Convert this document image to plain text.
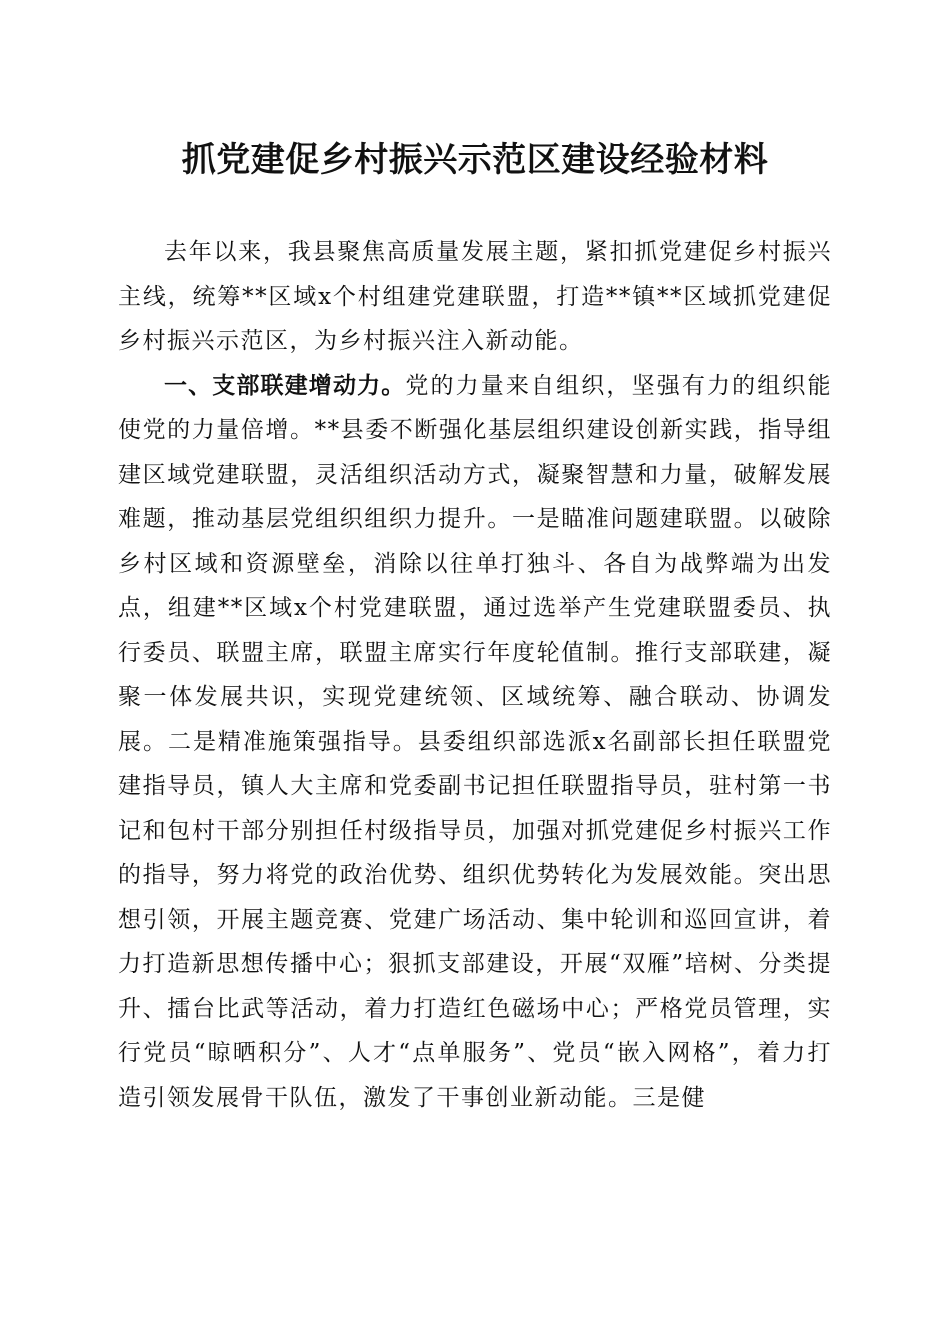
抓党建促乡村振兴示范区建设经验材料

去年以来，我县聚焦高质量发展主题，紧扣抓党建促乡村振兴主线，统筹**区域x个村组建党建联盟，打造**镇**区域抓党建促乡村振兴示范区，为乡村振兴注入新动能。

一、支部联建增动力。党的力量来自组织，坚强有力的组织能使党的力量倍增。**县委不断强化基层组织建设创新实践，指导组建区域党建联盟，灵活组织活动方式，凝聚智慧和力量，破解发展难题，推动基层党组织组织力提升。一是瞄准问题建联盟。以破除乡村区域和资源壁垒，消除以往单打独斗、各自为战弊端为出发点，组建**区域x个村党建联盟，通过选举产生党建联盟委员、执行委员、联盟主席，联盟主席实行年度轮值制。推行支部联建，凝聚一体发展共识，实现党建统领、区域统筹、融合联动、协调发展。二是精准施策强指导。县委组织部选派x名副部长担任联盟党建指导员，镇人大主席和党委副书记担任联盟指导员，驻村第一书记和包村干部分别担任村级指导员，加强对抓党建促乡村振兴工作的指导，努力将党的政治优势、组织优势转化为发展效能。突出思想引领，开展主题竞赛、党建广场活动、集中轮训和巡回宣讲，着力打造新思想传播中心；狠抓支部建设，开展“双雁”培树、分类提升、擂台比武等活动，着力打造红色磁场中心；严格党员管理，实行党员“晾晒积分”、人才“点单服务”、党员“嵌入网格”，着力打造引领发展骨干队伍，激发了干事创业新动能。三是健
